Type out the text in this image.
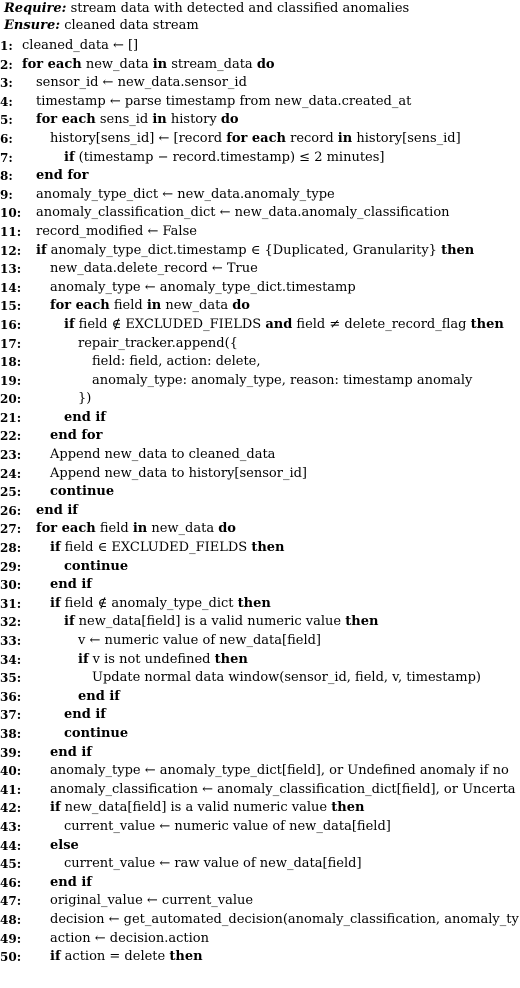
Require: stream data with detected and classified anomalies
Ensure: cleaned data stream
1: cleaned_data ← []
2: for each new_data in stream_data do
3:	sensor_id ← new_data.sensor_id
4:	timestamp ← parse timestamp from new_data.created_at
5:	for each sens_id in history do
6:	history[sens_id] ← [record for each record in history[sens_id]
7:	if (timestamp − record.timestamp) ≤ 2 minutes]
8:	end for
9:	anomaly_type_dict ← new_data.anomaly_type
10: anomaly_classification_dict ← new_data.anomaly_classification
11: record_modified ← False
12: if anomaly_type_dict.timestamp ∈ {Duplicated, Granularity} then
13: new_data.delete_record ← True
14: anomaly_type ← anomaly_type_dict.timestamp
15: for each field in new_data do
16:	if field ∉ EXCLUDED_FIELDS and field ≠ delete_record_flag then
17:	repair_tracker.append({
18:	field: field, action: delete,
19:	anomaly_type: anomaly_type, reason: timestamp anomaly
20:	})
21:	end if
22: end for
23: Append new_data to cleaned_data
24: Append new_data to history[sensor_id]
25: continue
26: end if
27: for each field in new_data do
28: if field ∈ EXCLUDED_FIELDS then
29:	continue
30: end if
31: if field ∉ anomaly_type_dict then
32:	if new_data[field] is a valid numeric value then
33:	v ← numeric value of new_data[field]
34:	if v is not undefined then
35:	Update normal data window(sensor_id, field, v, timestamp)
36:	end if
37:	end if
38:	continue
39: end if
40: anomaly_type ← anomaly_type_dict[field], or Undefined anomaly if no
41: anomaly_classification ← anomaly_classification_dict[field], or Uncerta
42: if new_data[field] is a valid numeric value then
43:	current_value ← numeric value of new_data[field]
44: else
45:	current_value ← raw value of new_data[field]
46: end if
47: original_value ← current_value
48: decision ← get_automated_decision(anomaly_classification, anomaly_ty
49: action ← decision.action
50: if action = delete then
